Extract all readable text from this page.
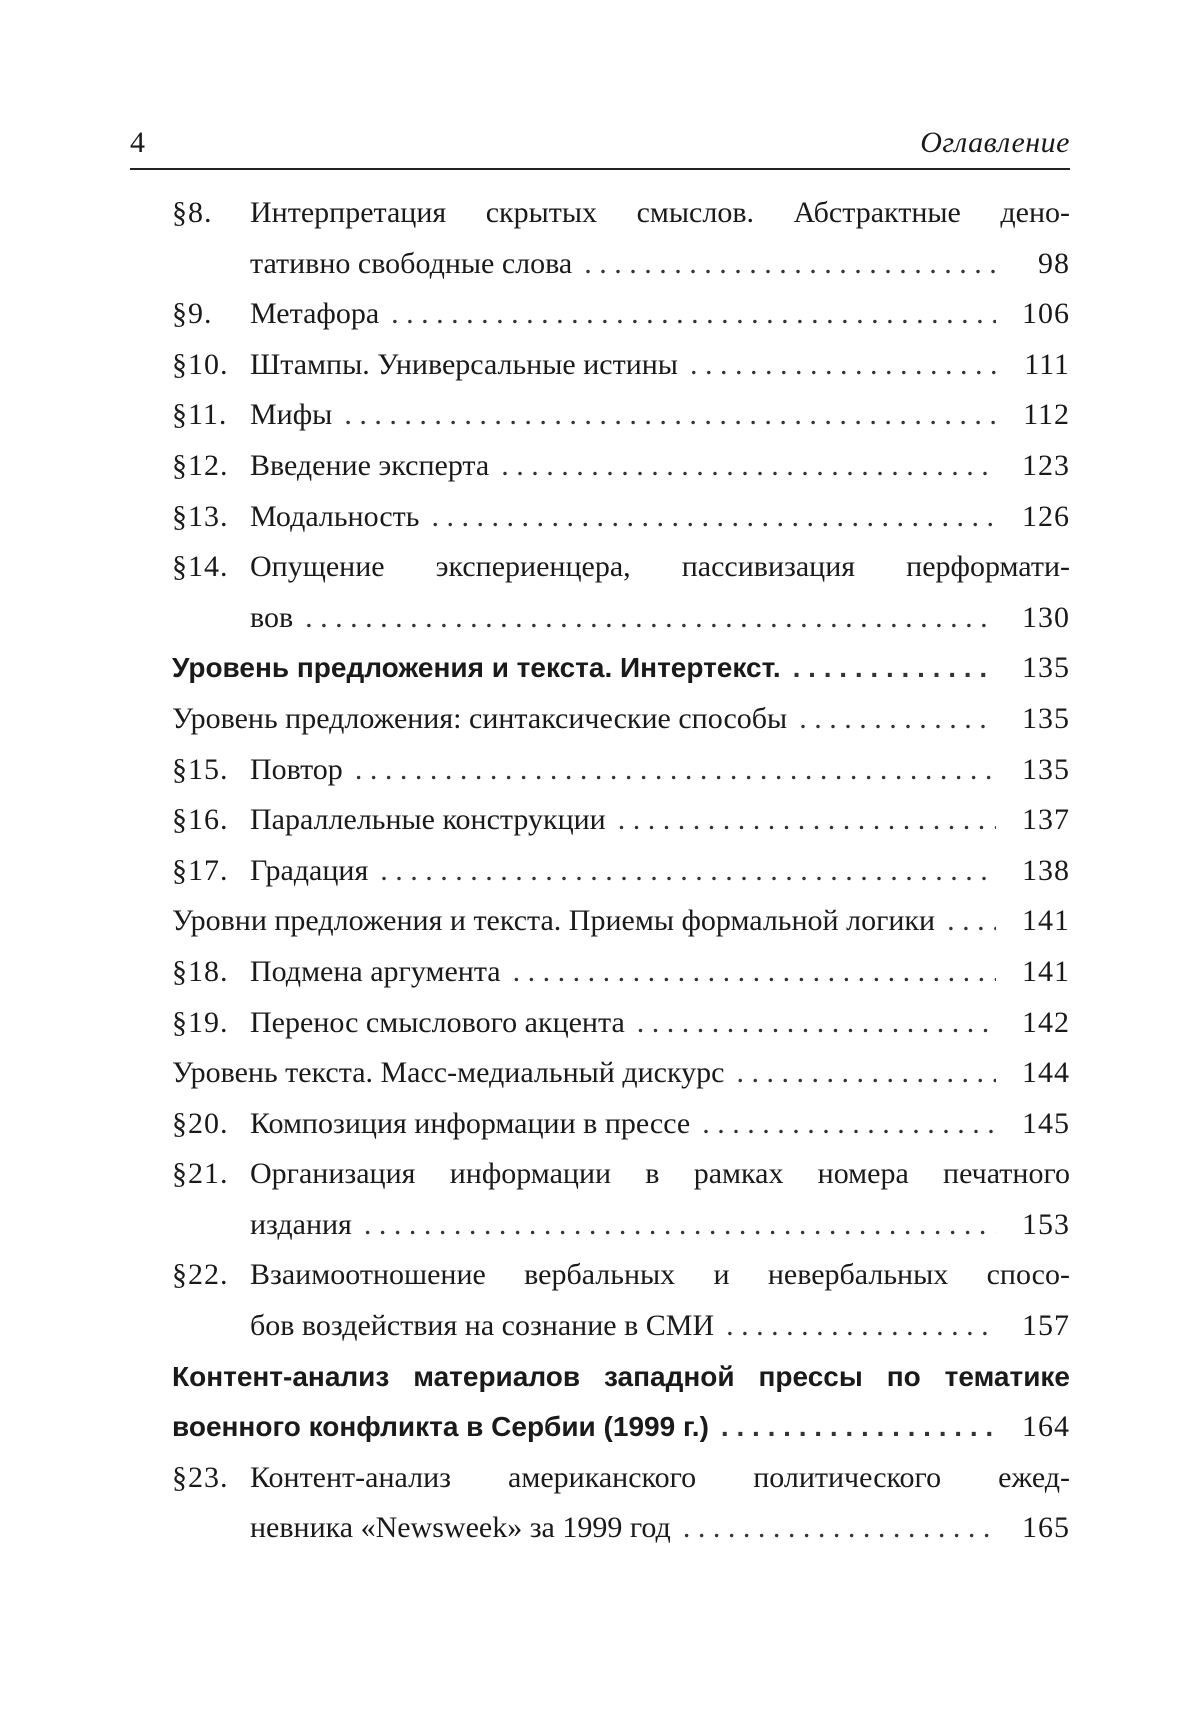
4	Оглавление
§8.	Интерпретация скрытых смыслов. Абстрактные дено-
тативно свободные слова . . .	98
§9.	Метафора . . .	106
§10. Штампы. Универсальные истины . . .	111
§11. Мифы . . .	112
§12. Введение эксперта . . .	123
§13. Модальность . . .	126
§14. Опущение экспериенцера, пассивизация перформати-
вов . . .	130
Уровень предложения и текста. Интертекст. . . .	135
Уровень предложения: синтаксические способы . . .	135
§15. Повтор . . .	135
§16. Параллельные конструкции . . .	137
§17. Градация . . .	138
Уровни предложения и текста. Приемы формальной логики . . .	141
§18. Подмена аргумента . . .	141
§19. Перенос смыслового акцента . . .	142
Уровень текста. Масс-медиальный дискурс . . .	144
§20. Композиция информации в прессе . . .	145
§21. Организация информации в рамках номера печатного
издания . . .	153
§22. Взаимоотношение вербальных и невербальных спосо-
бов воздействия на сознание в СМИ . . .	157
Контент-анализ материалов западной прессы по тематике
военного конфликта в Сербии (1999 г.) . . .	164
§23. Контент-анализ американского политического ежед-
невника «Newsweek» за 1999 год . . .	165
